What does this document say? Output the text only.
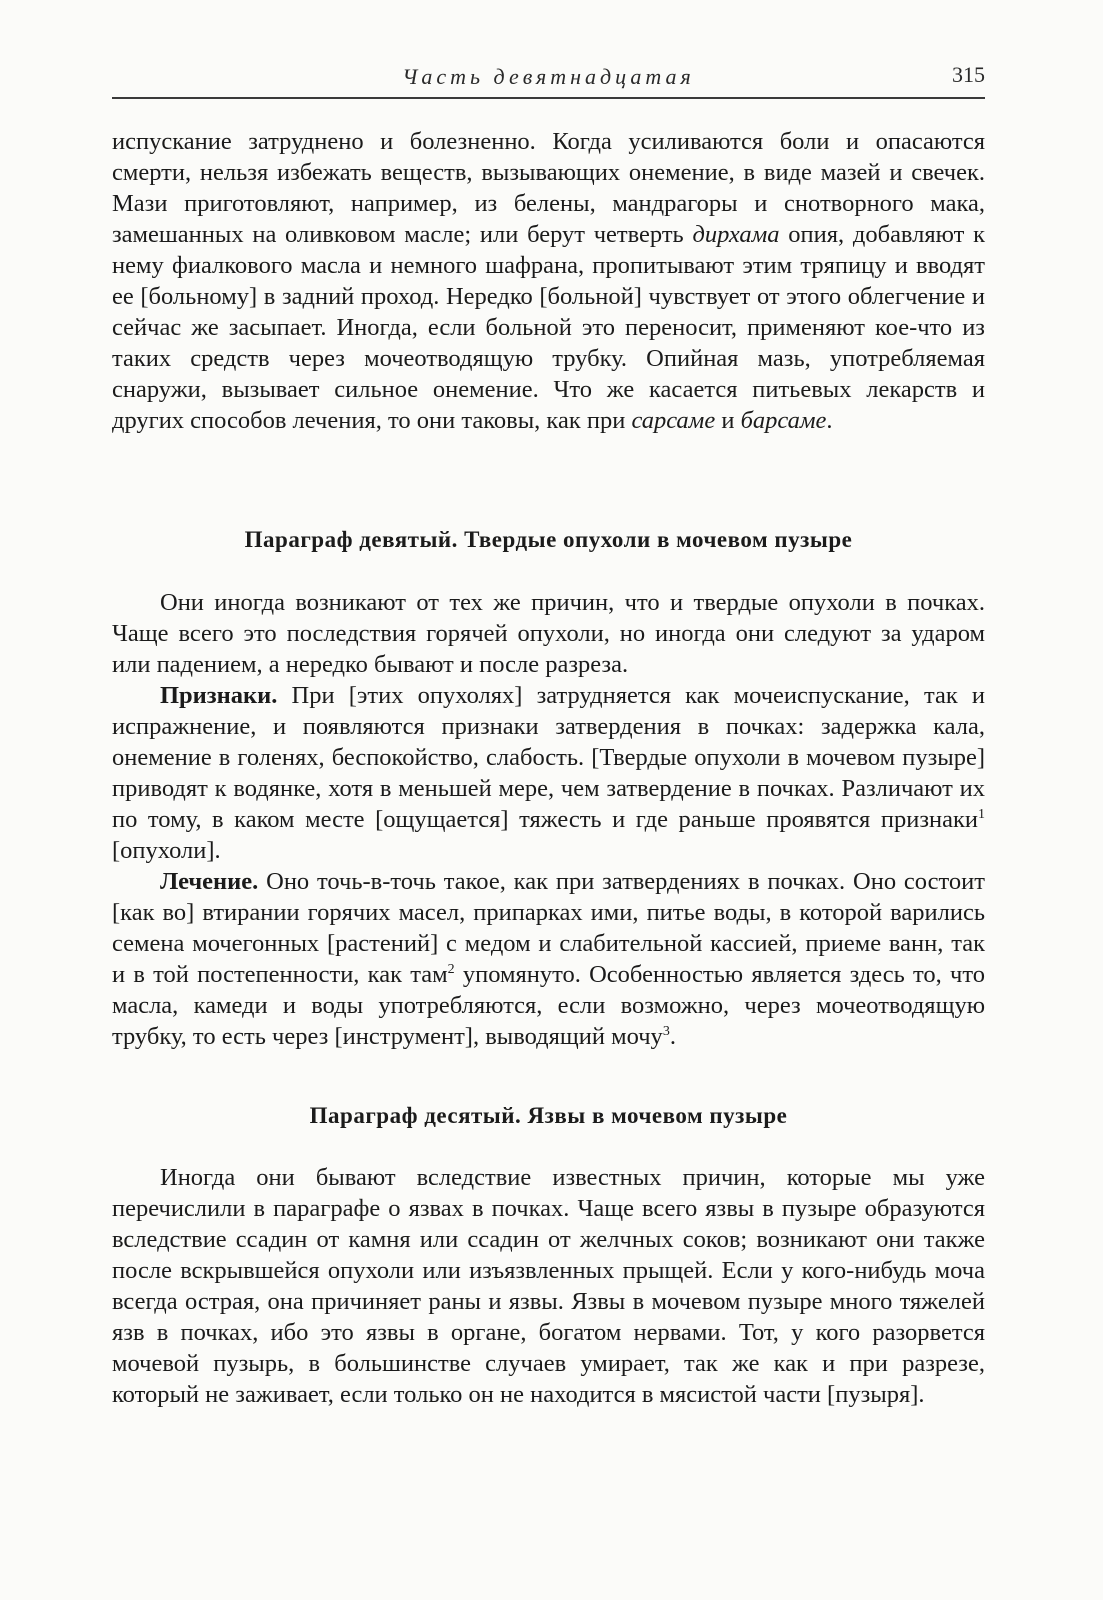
Часть девятнадцатая	315

испускание затруднено и болезненно. Когда усиливаются боли и опасаются смерти, нельзя избежать веществ, вызывающих онемение, в виде мазей и свечек. Мази приготовляют, например, из белены, мандрагоры и снотворного мака, замешанных на оливковом масле; или берут четверть дирхама опия, добавляют к нему фиалкового масла и немного шафрана, пропитывают этим тряпицу и вводят ее [больному] в задний проход. Нередко [больной] чувствует от этого облегчение и сейчас же засыпает. Иногда, если больной это переносит, применяют кое-что из таких средств через мочеотводящую трубку. Опийная мазь, употребляемая снаружи, вызывает сильное онемение. Что же касается питьевых лекарств и других способов лечения, то они таковы, как при сарсаме и барсаме.

Параграф девятый. Твердые опухоли в мочевом пузыре

Они иногда возникают от тех же причин, что и твердые опухоли в почках. Чаще всего это последствия горячей опухоли, но иногда они следуют за ударом или падением, а нередко бывают и после разреза.

Признаки. При [этих опухолях] затрудняется как мочеиспускание, так и испражнение, и появляются признаки затвердения в почках: задержка кала, онемение в голенях, беспокойство, слабость. [Твердые опухоли в мочевом пузыре] приводят к водянке, хотя в меньшей мере, чем затвердение в почках. Различают их по тому, в каком месте [ощущается] тяжесть и где раньше проявятся признаки$^1$ [опухоли].

Лечение. Оно точь-в-точь такое, как при затвердениях в почках. Оно состоит [как во] втирании горячих масел, припарках ими, питье воды, в которой варились семена мочегонных [растений] с медом и слабительной кассией, приеме ванн, так и в той постепенности, как там$^2$ упомянуто. Особенностью является здесь то, что масла, камеди и воды употребляются, если возможно, через мочеотводящую трубку, то есть через [инструмент], выводящий мочу$^3$.

Параграф десятый. Язвы в мочевом пузыре

Иногда они бывают вследствие известных причин, которые мы уже перечислили в параграфе о язвах в почках. Чаще всего язвы в пузыре образуются вследствие ссадин от камня или ссадин от желчных соков; возникают они также после вскрывшейся опухоли или изъязвленных прыщей. Если у кого-нибудь моча всегда острая, она причиняет раны и язвы. Язвы в мочевом пузыре много тяжелей язв в почках, ибо это язвы в органе, богатом нервами. Тот, у кого разорвется мочевой пузырь, в большинстве случаев умирает, так же как и при разрезе, который не заживает, если только он не находится в мясистой части [пузыря].
